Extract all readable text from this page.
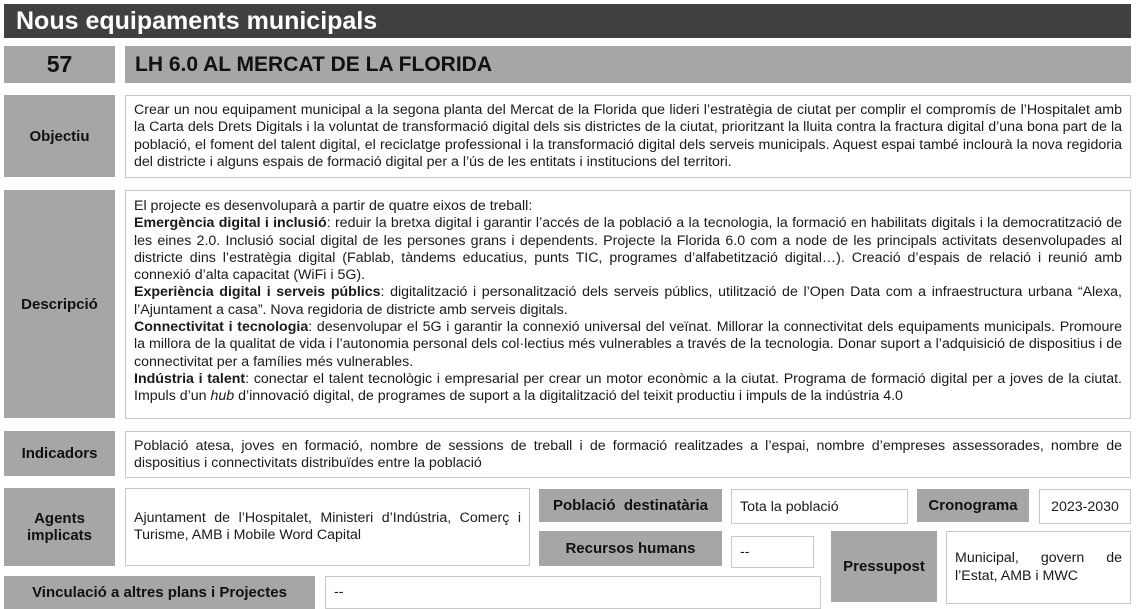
Nous equipaments municipals
57	LH 6.0 AL MERCAT DE LA FLORIDA
Objectiu
Crear un nou equipament municipal a la segona planta del Mercat de la Florida que lideri l’estratègia de ciutat per complir el compromís de l’Hospitalet amb la Carta dels Drets Digitals i la voluntat de transformació digital dels sis districtes de la ciutat, prioritzant la lluita contra la fractura digital d’una bona part de la població, el foment del talent digital, el reciclatge professional i la transformació digital dels serveis municipals. Aquest espai també inclourà la nova regidoria del districte i alguns espais de formació digital per a l’ús de les entitats i institucions del territori.
Descripció
El projecte es desenvoluparà a partir de quatre eixos de treball:
Emergència digital i inclusió: reduir la bretxa digital i garantir l’accés de la població a la tecnologia, la formació en habilitats digitals i la democratització de les eines 2.0. Inclusió social digital de les persones grans i dependents. Projecte la Florida 6.0 com a node de les principals activitats desenvolupades al districte dins l’estratègia digital (Fablab, tàndems educatius, punts TIC, programes d’alfabetització digital…). Creació d’espais de relació i reunió amb connexió d’alta capacitat (WiFi i 5G).
Experiència digital i serveis públics: digitalització i personalització dels serveis públics, utilització de l’Open Data com a infraestructura urbana “Alexa, l’Ajuntament a casa”. Nova regidoria de districte amb serveis digitals.
Connectivitat i tecnologia: desenvolupar el 5G i garantir la connexió universal del veïnat. Millorar la connectivitat dels equipaments municipals. Promoure la millora de la qualitat de vida i l’autonomia personal dels col·lectius més vulnerables a través de la tecnologia. Donar suport a l’adquisició de dispositius i de connectivitat per a famílies més vulnerables.
Indústria i talent: conectar el talent tecnològic i empresarial per crear un motor econòmic a la ciutat. Programa de formació digital per a joves de la ciutat. Impuls d’un hub d’innovació digital, de programes de suport a la digitalització del teixit productiu i impuls de la indústria 4.0
Indicadors	Població atesa, joves en formació, nombre de sessions de treball i de formació realitzades a l’espai, nombre d’empreses assessorades, nombre de dispositius i connectivitats distribuïdes entre la població
Agents implicats
Ajuntament de l’Hospitalet, Ministeri d’Indústria, Comerç i Turisme, AMB i Mobile Word Capital
Població  destinatària	Tota la població	Cronograma	2023-2030
Recursos humans	--
Pressupost	Municipal, govern de l’Estat, AMB i MWC
Vinculació a altres plans i Projectes	--
